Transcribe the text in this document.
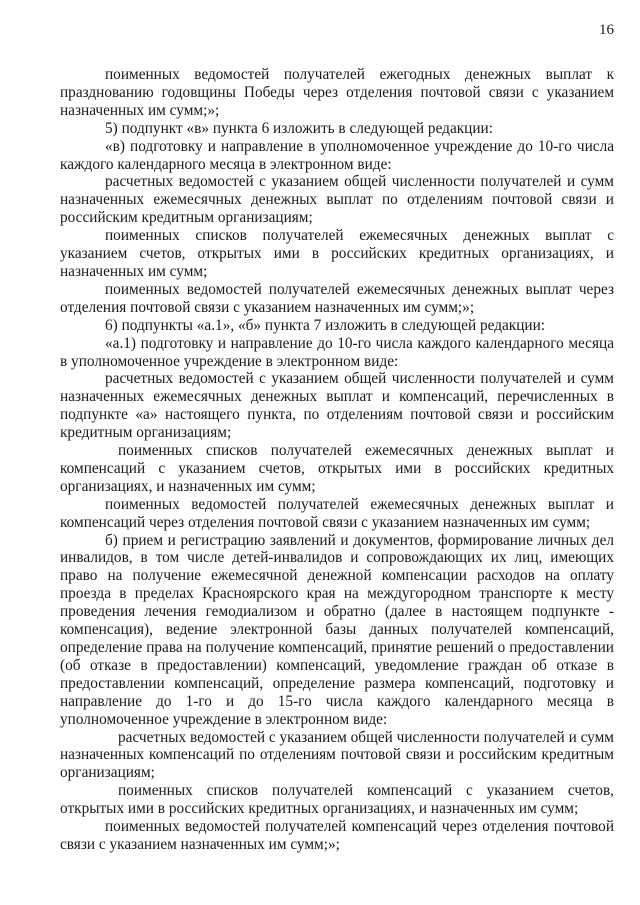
16

поименных ведомостей получателей ежегодных денежных выплат к празднованию годовщины Победы через отделения почтовой связи с указанием назначенных им сумм;»;

5) подпункт «в» пункта 6 изложить в следующей редакции:

«в) подготовку и направление в уполномоченное учреждение до 10-го числа каждого календарного месяца в электронном виде:

расчетных ведомостей с указанием общей численности получателей и сумм назначенных ежемесячных денежных выплат по отделениям почтовой связи и российским кредитным организациям;

поименных списков получателей ежемесячных денежных выплат с указанием счетов, открытых ими в российских кредитных организациях, и назначенных им сумм;

поименных ведомостей получателей ежемесячных денежных выплат через отделения почтовой связи с указанием назначенных им сумм;»;

6) подпункты «а.1», «б» пункта 7 изложить в следующей редакции:

«а.1) подготовку и направление до 10-го числа каждого календарного месяца в уполномоченное учреждение в электронном виде:

расчетных ведомостей с указанием общей численности получателей и сумм назначенных ежемесячных денежных выплат и компенсаций, перечисленных в подпункте «а» настоящего пункта, по отделениям почтовой связи и российским кредитным организациям;

поименных списков получателей ежемесячных денежных выплат и компенсаций с указанием счетов, открытых ими в российских кредитных организациях, и назначенных им сумм;

поименных ведомостей получателей ежемесячных денежных выплат и компенсаций через отделения почтовой связи с указанием назначенных им сумм;

б) прием и регистрацию заявлений и документов, формирование личных дел инвалидов, в том числе детей-инвалидов и сопровождающих их лиц, имеющих право на получение ежемесячной денежной компенсации расходов на оплату проезда в пределах Красноярского края на междугородном транспорте к месту проведения лечения гемодиализом и обратно (далее в настоящем подпункте - компенсация), ведение электронной базы данных получателей компенсаций, определение права на получение компенсаций, принятие решений о предоставлении (об отказе в предоставлении) компенсаций, уведомление граждан об отказе в предоставлении компенсаций, определение размера компенсаций, подготовку и направление до 1-го и до 15-го числа каждого календарного месяца в уполномоченное учреждение в электронном виде:

расчетных ведомостей с указанием общей численности получателей и сумм назначенных компенсаций по отделениям почтовой связи и российским кредитным организациям;

поименных списков получателей компенсаций с указанием счетов, открытых ими в российских кредитных организациях, и назначенных им сумм;

поименных ведомостей получателей компенсаций через отделения почтовой связи с указанием назначенных им сумм;»;
